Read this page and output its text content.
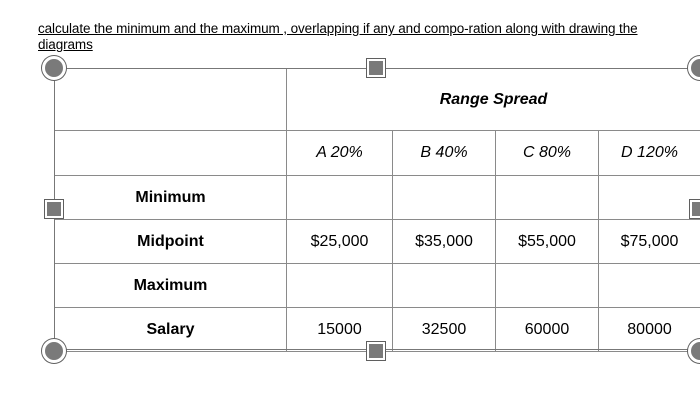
calculate the minimum and the maximum , overlapping if any and compo-ration along with drawing the diagrams
	Range Spread			
	A 20%	B 40%	C 80%	D 120%
Minimum				
Midpoint	$25,000	$35,000	$55,000	$75,000
Maximum				
Salary	15000	32500	60000	80000
